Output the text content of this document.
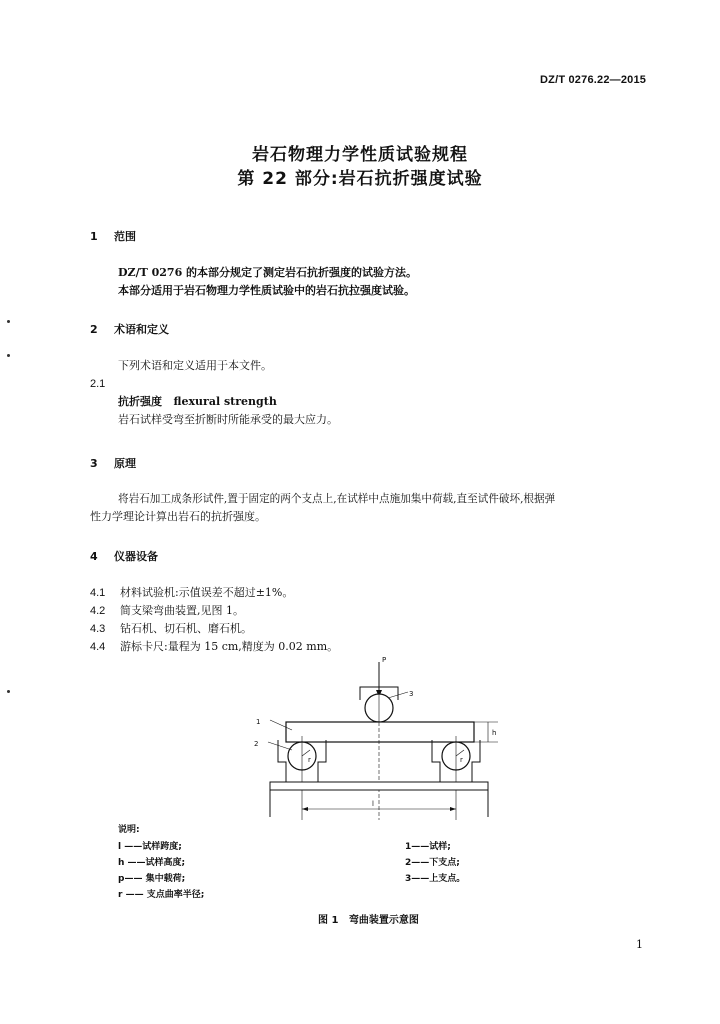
DZ/T 0276.22—2015
岩石物理力学性质试验规程
第 22 部分:岩石抗折强度试验
1 范围
DZ/T 0276 的本部分规定了测定岩石抗折强度的试验方法。
本部分适用于岩石物理力学性质试验中的岩石抗拉强度试验。
2 术语和定义
下列术语和定义适用于本文件。
2.1
抗折强度 flexural strength
岩石试样受弯至折断时所能承受的最大应力。
3 原理
将岩石加工成条形试件,置于固定的两个支点上,在试样中点施加集中荷载,直至试件破坏,根据弹
性力学理论计算出岩石的抗折强度。
4 仪器设备
4.1 材料试验机:示值误差不超过±1%。
4.2 简支梁弯曲装置,见图 1。
4.3 钻石机、切石机、磨石机。
4.4 游标卡尺:量程为 15 cm,精度为 0.02 mm。
P
3
1
h
r
2
r
l
说明:
l ——试样跨度;
h ——试样高度;
p—— 集中载荷;
r —— 支点曲率半径;
1——试样;
2——下支点;
3——上支点。
图 1 弯曲装置示意图
1
